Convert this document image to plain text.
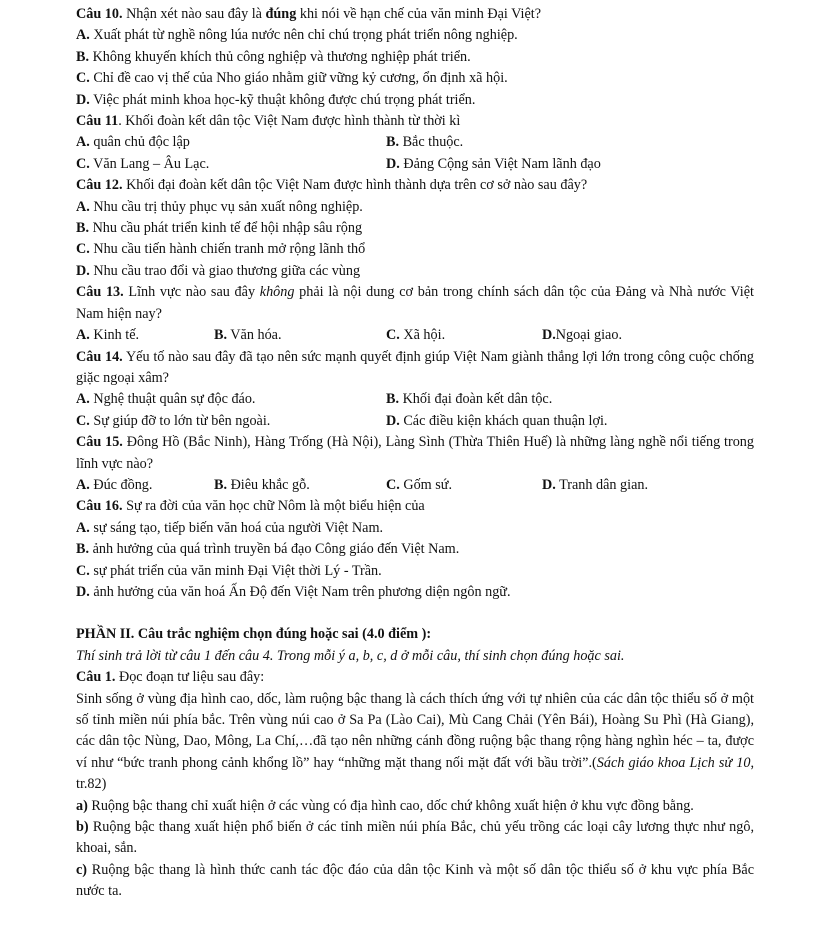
Câu 10. Nhận xét nào sau đây là đúng khi nói về hạn chế của văn minh Đại Việt?
A. Xuất phát từ nghề nông lúa nước nên chỉ chú trọng phát triển nông nghiệp.
B. Không khuyến khích thủ công nghiệp và thương nghiệp phát triển.
C. Chỉ đề cao vị thế của Nho giáo nhằm giữ vững kỷ cương, ổn định xã hội.
D. Việc phát minh khoa học-kỹ thuật không được chú trọng phát triển.
Câu 11. Khối đoàn kết dân tộc Việt Nam được hình thành từ thời kì
A. quân chủ độc lập	B. Bắc thuộc.
C. Văn Lang – Âu Lạc.	D. Đảng Cộng sản Việt Nam lãnh đạo
Câu 12. Khối đại đoàn kết dân tộc Việt Nam được hình thành dựa trên cơ sở nào sau đây?
A. Nhu cầu trị thủy phục vụ sản xuất nông nghiệp.
B. Nhu cầu phát triển kinh tế để hội nhập sâu rộng
C. Nhu cầu tiến hành chiến tranh mở rộng lãnh thổ
D. Nhu cầu trao đổi và giao thương giữa các vùng
Câu 13. Lĩnh vực nào sau đây không phải là nội dung cơ bản trong chính sách dân tộc của Đảng và Nhà nước Việt Nam hiện nay?
A. Kinh tế.	B. Văn hóa.	C. Xã hội.	D.Ngoại giao.
Câu 14. Yếu tố nào sau đây đã tạo nên sức mạnh quyết định giúp Việt Nam giành thắng lợi lớn trong công cuộc chống giặc ngoại xâm?
A. Nghệ thuật quân sự độc đáo.	B. Khối đại đoàn kết dân tộc.
C. Sự giúp đỡ to lớn từ bên ngoài.	D. Các điều kiện khách quan thuận lợi.
Câu 15. Đông Hồ (Bắc Ninh), Hàng Trống (Hà Nội), Làng Sình (Thừa Thiên Huế) là những làng nghề nổi tiếng trong lĩnh vực nào?
A. Đúc đồng.	B. Điêu khắc gỗ.	C. Gốm sứ.	D. Tranh dân gian.
Câu 16. Sự ra đời của văn học chữ Nôm là một biểu hiện của
A. sự sáng tạo, tiếp biến văn hoá của người Việt Nam.
B. ảnh hưởng của quá trình truyền bá đạo Công giáo đến Việt Nam.
C. sự phát triển của văn minh Đại Việt thời Lý - Trần.
D. ảnh hưởng của văn hoá Ấn Độ đến Việt Nam trên phương diện ngôn ngữ.
PHẦN II. Câu trắc nghiệm chọn đúng hoặc sai (4.0 điểm ):
Thí sinh trả lời từ câu 1 đến câu 4. Trong mỗi ý a, b, c, d ở mỗi câu, thí sinh chọn đúng hoặc sai.
Câu 1. Đọc đoạn tư liệu sau đây:
Sinh sống ở vùng địa hình cao, dốc, làm ruộng bậc thang là cách thích ứng với tự nhiên của các dân tộc thiểu số ở một số tỉnh miền núi phía bắc. Trên vùng núi cao ở Sa Pa (Lào Cai), Mù Cang Chải (Yên Bái), Hoàng Su Phì (Hà Giang), các dân tộc Nùng, Dao, Mông, La Chí,…đã tạo nên những cánh đồng ruộng bậc thang rộng hàng nghìn héc – ta, được ví như “bức tranh phong cảnh khổng lồ” hay “những mặt thang nối mặt đất với bầu trời”.(Sách giáo khoa Lịch sử 10, tr.82)
a) Ruộng bậc thang chỉ xuất hiện ở các vùng có địa hình cao, dốc chứ không xuất hiện ở khu vực đồng bằng.
b) Ruộng bậc thang xuất hiện phổ biến ở các tỉnh miền núi phía Bắc, chủ yếu trồng các loại cây lương thực như ngô, khoai, sắn.
c) Ruộng bậc thang là hình thức canh tác độc đáo của dân tộc Kinh và một số dân tộc thiểu số ở khu vực phía Bắc nước ta.
